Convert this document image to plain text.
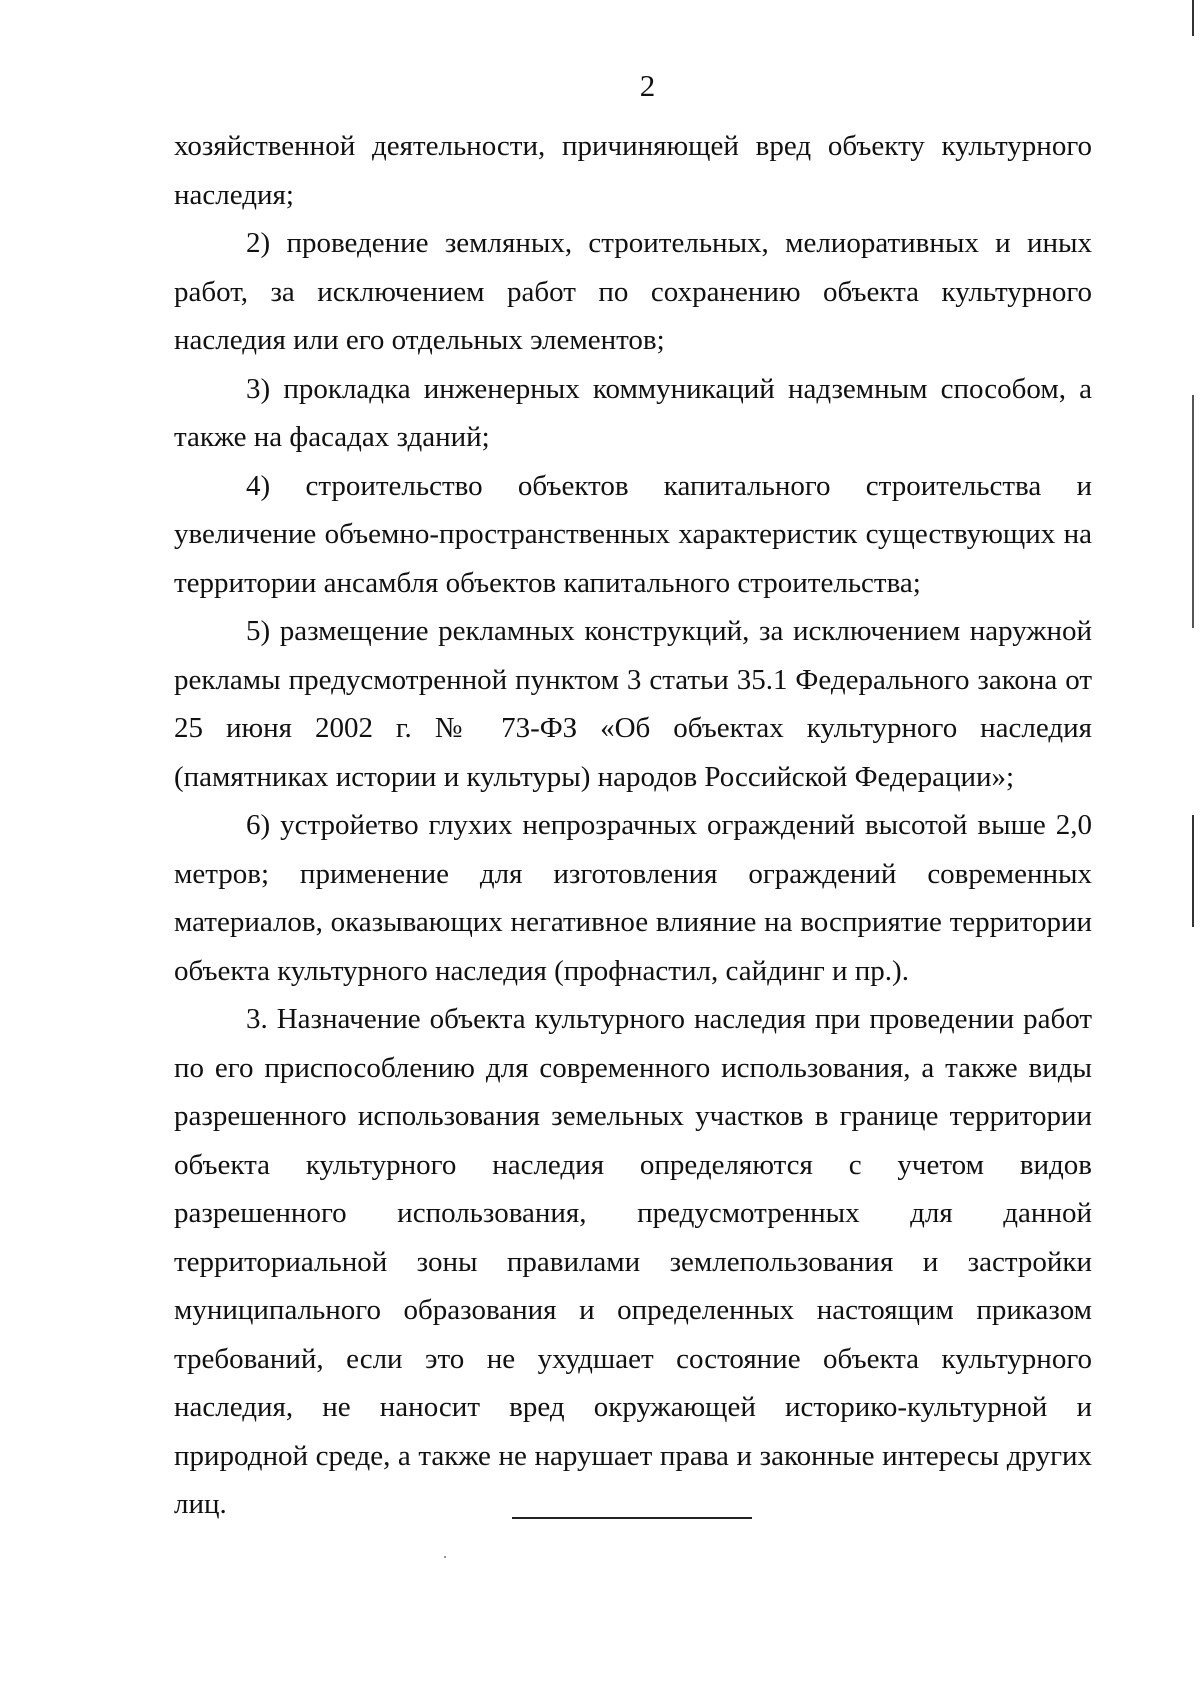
2

хозяйственной деятельности, причиняющей вред объекту культурного наследия;

2) проведение земляных, строительных, мелиоративных и иных работ, за исключением работ по сохранению объекта культурного наследия или его отдельных элементов;

3) прокладка инженерных коммуникаций надземным способом, а также на фасадах зданий;

4) строительство объектов капитального строительства и увеличение объемно-пространственных характеристик существующих на территории ансамбля объектов капитального строительства;

5) размещение рекламных конструкций, за исключением наружной рекламы предусмотренной пунктом 3 статьи 35.1 Федерального закона от 25 июня 2002 г. № 73-ФЗ «Об объектах культурного наследия (памятниках истории и культуры) народов Российской Федерации»;

6) устройетво глухих непрозрачных ограждений высотой выше 2,0 метров; применение для изготовления ограждений современных материалов, оказывающих негативное влияние на восприятие территории объекта культурного наследия (профнастил, сайдинг и пр.).

3. Назначение объекта культурного наследия при проведении работ по его приспособлению для современного использования, а также виды разрешенного использования земельных участков в границе территории объекта культурного наследия определяются с учетом видов разрешенного использования, предусмотренных для данной территориальной зоны правилами землепользования и застройки муниципального образования и определенных настоящим приказом требований, если это не ухудшает состояние объекта культурного наследия, не наносит вред окружающей историко-культурной и природной среде, а также не нарушает права и законные интересы других лиц.
